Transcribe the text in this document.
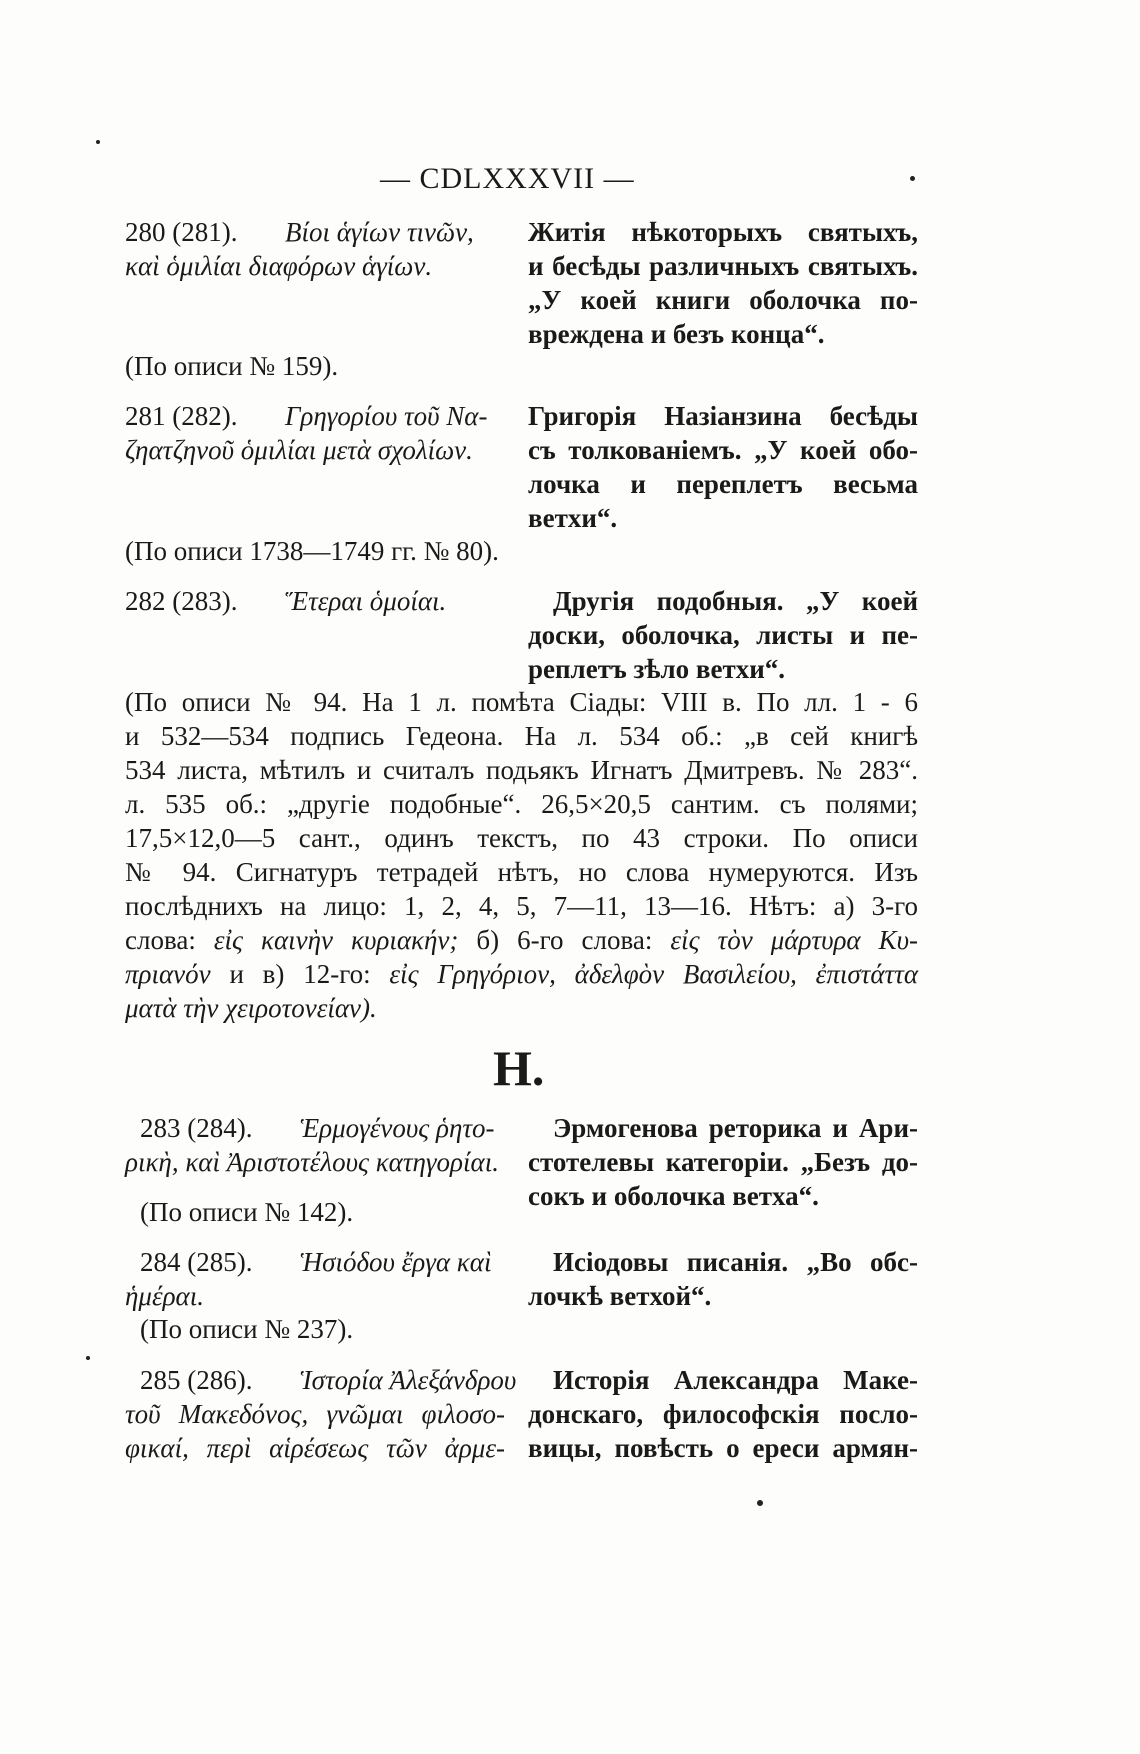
— CDLXXXVII —
280 (281). Βίοι ἁγίων τινῶν,
καὶ ὁμιλίαι διαφόρων ἁγίων.
Житія нѣкоторыхъ святыхъ,
и бесѣды различныхъ святыхъ.
„У коей книги оболочка по-
вреждена и безъ конца“.
(По описи № 159).
281 (282). Γρηγορίου τοῦ Να-
ζηατζηνοῦ ὁμιλίαι μετὰ σχολίων.
Григорія Назіанзина бесѣды
съ толкованіемъ. „У коей обо-
лочка и переплетъ весьма
ветхи“.
(По описи 1738—1749 гг. № 80).
282 (283). Ἕτεραι ὁμοίαι.	Другія подобныя. „У коей
доски, оболочка, листы и пе-
реплетъ зѣло ветхи“.
(По описи № 94. На 1 л. помѣта Сіады: VIII в. По лл. 1 - 6
и 532—534 подпись Гедеона. На л. 534 об.: „в сей книгѣ
534 листа, мѣтилъ и считалъ подьякъ Игнатъ Дмитревъ. № 283“.
л. 535 об.: „другіе подобные“. 26,5×20,5 сантим. съ полями;
17,5×12,0—5 сант., одинъ текстъ, по 43 строки. По описи
№ 94. Сигнатуръ тетрадей нѣтъ, но слова нумеруются. Изъ
послѣднихъ на лицо: 1, 2, 4, 5, 7—11, 13—16. Нѣтъ: а) 3-го
слова: εἰς καινὴν κυριακήν; б) 6-го слова: εἰς τὸν μάρτυρα Κυ-
πριανόν и в) 12-го: εἰς Γρηγόριον, ἀδελφὸν Βασιλείου, ἐπιστάττα
ματὰ τὴν χειροτονείαν).
Н.
283 (284). Ἑρμογένους ῥητο-
ρικὴ, καὶ Ἀριστοτέλους κατηγορίαι.
Эрмогенова реторика и Ари-
стотелевы категоріи. „Безъ до-
сокъ и оболочка ветха“.
(По описи № 142).
284 (285). Ἡσιόδου ἔργα καὶ
ἡμέραι.
Исіодовы писанія. „Во обс-
лочкѣ ветхой“.
(По описи № 237).
285 (286). Ἱστορία Ἀλεξάνδρου
τοῦ Μακεδόνος, γνῶμαι φιλοσο-
φικαί, περὶ αἱρέσεως τῶν ἀρμε-
Исторія Александра Маке-
донскаго, философскія посло-
вицы, повѣсть о ереси армян-
